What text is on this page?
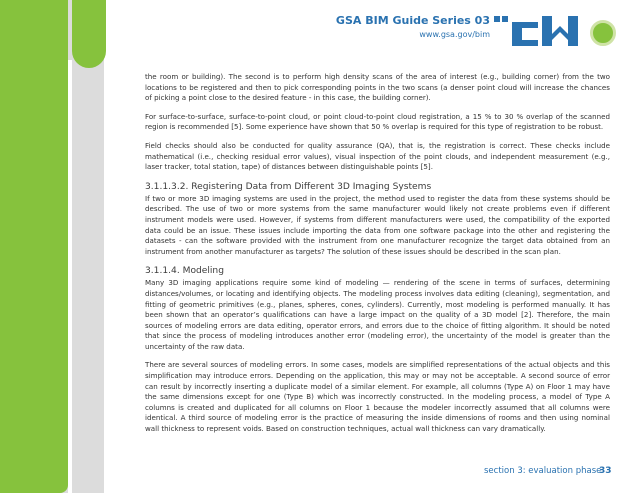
GSA BIM Guide Series 03
www.gsa.gov/bim

the room or building). The second is to perform high density scans of the area of interest (e.g., building corner) from the two locations to be registered and then to pick corresponding points in the two scans (a denser point cloud will increase the chances of picking a point close to the desired feature - in this case, the building corner).

For surface-to-surface, surface-to-point cloud, or point cloud-to-point cloud registration, a 15 % to 30 % overlap of the scanned region is recommended [5]. Some experience have shown that 50 % overlap is required for this type of registration to be robust.

Field checks should also be conducted for quality assurance (QA), that is, the registration is correct. These checks include mathematical (i.e., checking residual error values), visual inspection of the point clouds, and independent measurement (e.g., laser tracker, total station, tape) of distances between distinguishable points [5].

3.1.1.3.2. Registering Data from Different 3D Imaging Systems

If two or more 3D imaging systems are used in the project, the method used to register the data from these systems should be described. The use of two or more systems from the same manufacturer would likely not create problems even if different instrument models were used. However, if systems from different manufacturers were used, the compatibility of the exported data could be an issue. These issues include importing the data from one software package into the other and registering the datasets - can the software provided with the instrument from one manufacturer recognize the target data obtained from an instrument from another manufacturer as targets? The solution of these issues should be described in the scan plan.

3.1.1.4. Modeling

Many 3D imaging applications require some kind of modeling — rendering of the scene in terms of surfaces, determining distances/volumes, or locating and identifying objects. The modeling process involves data editing (cleaning), segmentation, and fitting of geometric primitives (e.g., planes, spheres, cones, cylinders). Currently, most modeling is performed manually. It has been shown that an operator’s qualifications can have a large impact on the quality of a 3D model [2]. Therefore, the main sources of modeling errors are data editing, operator errors, and errors due to the choice of fitting algorithm. It should be noted that since the process of modeling introduces another error (modeling error), the uncertainty of the model is greater than the uncertainty of the raw data.

There are several sources of modeling errors. In some cases, models are simplified representations of the actual objects and this simplification may introduce errors. Depending on the application, this may or may not be acceptable. A second source of error can result by incorrectly inserting a duplicate model of a similar element. For example, all columns (Type A) on Floor 1 may have the same dimensions except for one (Type B) which was incorrectly constructed. In the modeling process, a model of Type A columns is created and duplicated for all columns on Floor 1 because the modeler incorrectly assumed that all columns were identical. A third source of modeling error is the practice of measuring the inside dimensions of rooms and then using nominal wall thickness to represent voids. Based on construction techniques, actual wall thickness can vary dramatically.

section 3: evaluation phase
33
